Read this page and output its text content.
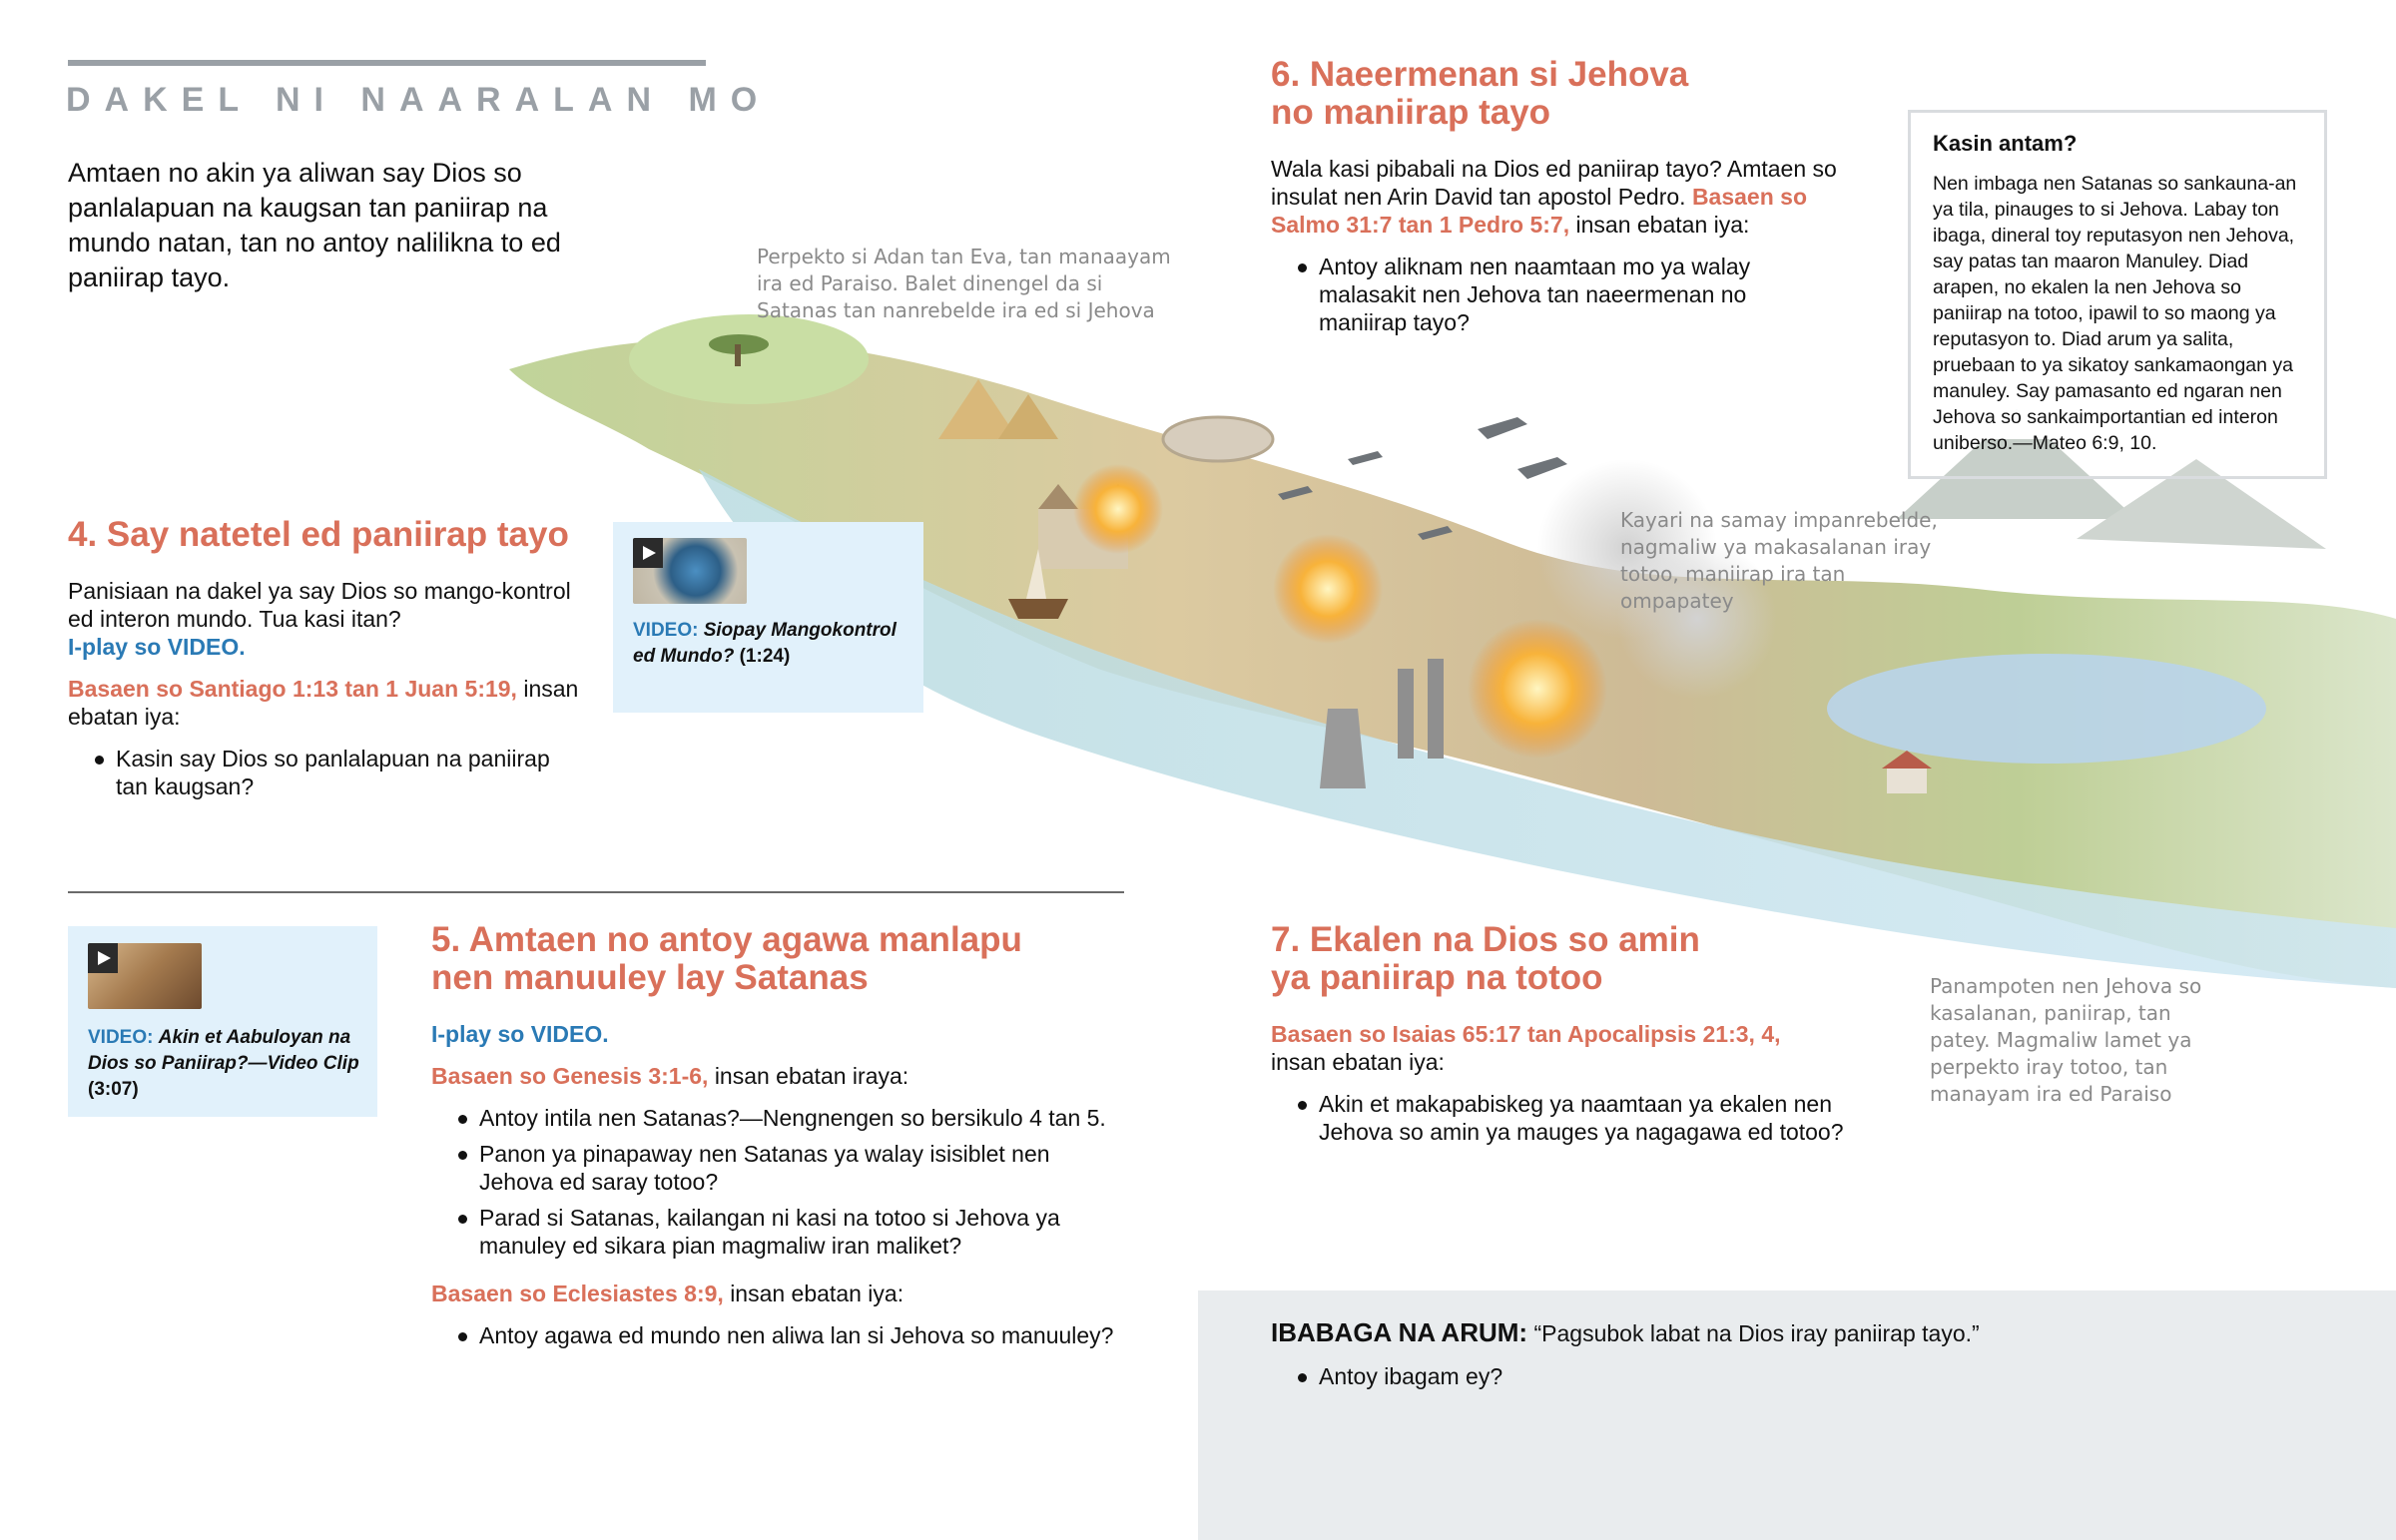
DAKEL NI NAARALAN MO

Amtaen no akin ya aliwan say Dios so panlalapuan na kaugsan tan paniirap na mundo natan, tan no antoy nalilikna to ed paniirap tayo.

Perpekto si Adan tan Eva, tan manaayam ira ed Paraiso. Balet dinengel da si Satanas tan nanrebelde ira ed si Jehova

Kayari na samay impanrebelde, nagmaliw ya makasalanan iray totoo, maniirap ira tan ompapatey

Panampoten nen Jehova so kasalanan, paniirap, tan patey. Magmaliw lamet ya perpekto iray totoo, tan manayam ira ed Paraiso

4. Say natetel ed paniirap tayo

Panisiaan na dakel ya say Dios so mango-kontrol ed interon mundo. Tua kasi itan?

I-play so VIDEO.

Basaen so Santiago 1:13 tan 1 Juan 5:19, insan ebatan iya:

Kasin say Dios so panlalapuan na paniirap tan kaugsan?
VIDEO: Siopay Mangokontrol ed Mundo? (1:24)
VIDEO: Akin et Aabuloyan na Dios so Paniirap?—Video Clip (3:07)
5. Amtaen no antoy agawa manlapu nen manuuley lay Satanas
I-play so VIDEO.

Basaen so Genesis 3:1-6, insan ebatan iraya:

Antoy intila nen Satanas?—Nengnengen so bersikulo 4 tan 5.
Panon ya pinapaway nen Satanas ya walay isisiblet nen Jehova ed saray totoo?
Parad si Satanas, kailangan ni kasi na totoo si Jehova ya manuley ed sikara pian magmaliw iran maliket?

Basaen so Eclesiastes 8:9, insan ebatan iya:

Antoy agawa ed mundo nen aliwa lan si Jehova so manuuley?
6. Naeermenan si Jehova no maniirap tayo

Wala kasi pibabali na Dios ed paniirap tayo? Amtaen so insulat nen Arin David tan apostol Pedro. Basaen so Salmo 31:7 tan 1 Pedro 5:7, insan ebatan iya:

Antoy aliknam nen naamtaan mo ya walay malasakit nen Jehova tan naeermenan no maniirap tayo?
Kasin antam?

Nen imbaga nen Satanas so sankauna-an ya tila, pinauges to si Jehova. Labay ton ibaga, dineral toy reputasyon nen Jehova, say patas tan maaron Manuley. Diad arapen, no ekalen la nen Jehova so paniirap na totoo, ipawil to so maong ya reputasyon to. Diad arum ya salita, pruebaan to ya sikatoy sankamaongan ya manuley. Say pamasanto ed ngaran nen Jehova so sankaimportantian ed interon uniberso.—Mateo 6:9, 10.

7. Ekalen na Dios so amin ya paniirap na totoo

Basaen so Isaias 65:17 tan Apocalipsis 21:3, 4, insan ebatan iya:

Akin et makapabiskeg ya naamtaan ya ekalen nen Jehova so amin ya mauges ya nagagawa ed totoo?

IBABAGA NA ARUM: “Pagsubok labat na Dios iray paniirap tayo.”

Antoy ibagam ey?
